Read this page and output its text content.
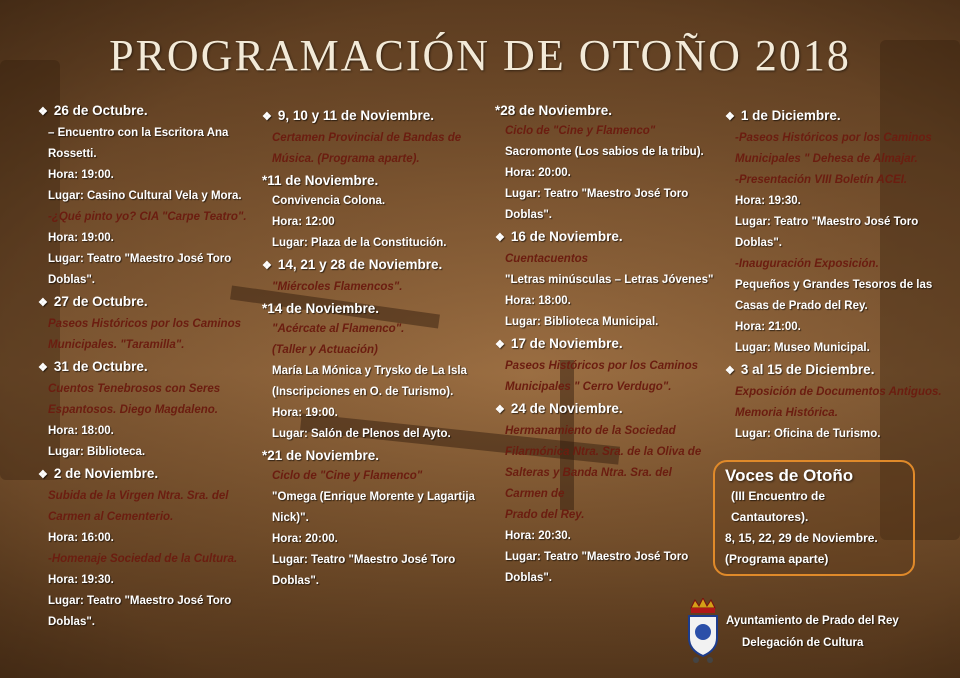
PROGRAMACIÓN DE OTOÑO 2018
❖ 26 de Octubre.
– Encuentro con la Escritora Ana
Rossetti.
Hora: 19:00.
Lugar: Casino Cultural Vela y Mora.
-¿Qué pinto yo? CIA "Carpe Teatro".
Hora: 19:00.
Lugar: Teatro "Maestro José Toro Doblas".
❖ 27 de Octubre.
Paseos Históricos por los Caminos
Municipales. "Taramilla".
❖ 31 de Octubre.
Cuentos Tenebrosos con Seres
Espantosos. Diego Magdaleno.
Hora: 18:00.
Lugar: Biblioteca.
❖ 2 de Noviembre.
Subida de la Virgen Ntra. Sra. del
Carmen al Cementerio.
Hora: 16:00.
-Homenaje Sociedad de la Cultura.
Hora: 19:30.
Lugar: Teatro "Maestro José Toro Doblas".
❖ 9, 10 y 11 de Noviembre.
Certamen Provincial de Bandas de
Música. (Programa aparte).
*11 de Noviembre.
Convivencia Colona.
Hora: 12:00
Lugar: Plaza de la Constitución.
❖ 14, 21 y 28 de Noviembre.
"Miércoles Flamencos".
*14 de Noviembre.
"Acércate al Flamenco".
(Taller y Actuación)
María La Mónica y Trysko de La Isla
(Inscripciones en O. de Turismo).
Hora: 19:00.
Lugar: Salón de Plenos del Ayto.
*21 de Noviembre.
Ciclo de "Cine y Flamenco"
"Omega (Enrique Morente y Lagartija
Nick)".
Hora: 20:00.
Lugar: Teatro "Maestro José Toro Doblas".
*28 de Noviembre.
Ciclo de "Cine y Flamenco"
Sacromonte (Los sabios de la tribu).
Hora: 20:00.
Lugar: Teatro "Maestro José Toro Doblas".
❖ 16 de Noviembre.
Cuentacuentos
"Letras minúsculas – Letras Jóvenes"
Hora: 18:00.
Lugar: Biblioteca Municipal.
❖ 17 de Noviembre.
Paseos Históricos por los Caminos
Municipales " Cerro Verdugo".
❖ 24 de Noviembre.
Hermanamiento de la Sociedad
Filarmónica Ntra. Sra. de la Oliva de
Salteras y Banda Ntra. Sra. del Carmen de
Prado del Rey.
Hora: 20:30.
Lugar: Teatro "Maestro José Toro Doblas".
❖ 1 de Diciembre.
-Paseos Históricos por los Caminos
Municipales " Dehesa de Almajar.
-Presentación VIII Boletín ACEI.
Hora: 19:30.
Lugar: Teatro "Maestro José Toro
Doblas".
-Inauguración Exposición.
Pequeños y Grandes Tesoros de las
Casas de Prado del Rey.
Hora: 21:00.
Lugar: Museo Municipal.
❖ 3 al 15 de Diciembre.
Exposición de Documentos Antiguos.
Memoria Histórica.
Lugar: Oficina de Turismo.
Voces de Otoño
(III Encuentro de Cantautores).
8, 15, 22, 29 de Noviembre.
(Programa aparte)
Ayuntamiento de Prado del Rey
Delegación de Cultura
